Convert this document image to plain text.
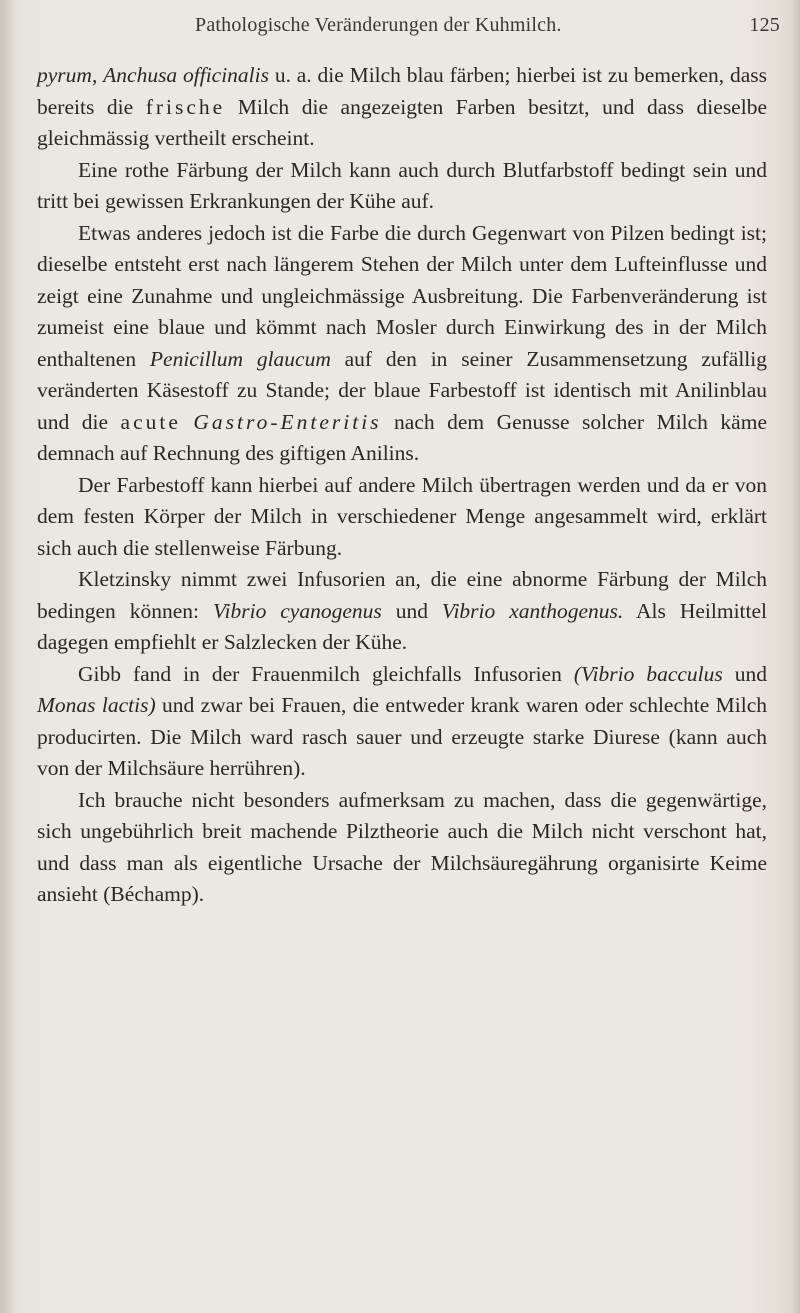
Pathologische Veränderungen der Kuhmilch.	125

pyrum, Anchusa officinalis u. a. die Milch blau färben; hierbei ist zu bemerken, dass bereits die frische Milch die angezeigten Farben besitzt, und dass dieselbe gleichmässig vertheilt erscheint.

Eine rothe Färbung der Milch kann auch durch Blutfarbstoff bedingt sein und tritt bei gewissen Erkrankungen der Kühe auf.

Etwas anderes jedoch ist die Farbe die durch Gegenwart von Pilzen bedingt ist; dieselbe entsteht erst nach längerem Stehen der Milch unter dem Lufteinflusse und zeigt eine Zunahme und ungleichmässige Ausbreitung. Die Farbenveränderung ist zumeist eine blaue und kömmt nach Mosler durch Einwirkung des in der Milch enthaltenen Penicillum glaucum auf den in seiner Zusammensetzung zufällig veränderten Käsestoff zu Stande; der blaue Farbestoff ist identisch mit Anilinblau und die acute Gastro-Enteritis nach dem Genusse solcher Milch käme demnach auf Rechnung des giftigen Anilins.

Der Farbestoff kann hierbei auf andere Milch übertragen werden und da er von dem festen Körper der Milch in verschiedener Menge angesammelt wird, erklärt sich auch die stellenweise Färbung.

Kletzinsky nimmt zwei Infusorien an, die eine abnorme Färbung der Milch bedingen können: Vibrio cyanogenus und Vibrio xanthogenus. Als Heilmittel dagegen empfiehlt er Salzlecken der Kühe.

Gibb fand in der Frauenmilch gleichfalls Infusorien (Vibrio bacculus und Monas lactis) und zwar bei Frauen, die entweder krank waren oder schlechte Milch producirten. Die Milch ward rasch sauer und erzeugte starke Diurese (kann auch von der Milchsäure herrühren).

Ich brauche nicht besonders aufmerksam zu machen, dass die gegenwärtige, sich ungebührlich breit machende Pilztheorie auch die Milch nicht verschont hat, und dass man als eigentliche Ursache der Milchsäuregährung organisirte Keime ansieht (Béchamp).
